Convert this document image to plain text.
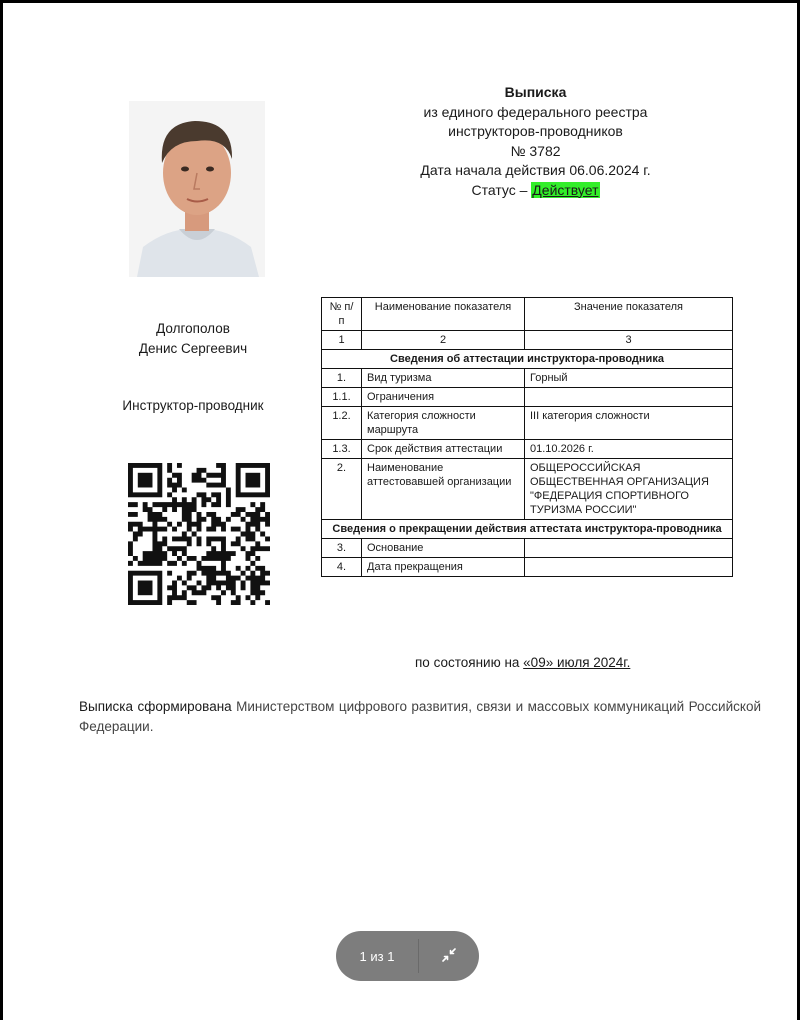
Выписка
из единого федерального реестра
инструкторов-проводников
№ 3782
Дата начала действия 06.06.2024 г.
Статус – Действует
Долгополов
Денис Сергеевич
Инструктор-проводник
№ п/п	Наименование показателя	Значение показателя
1	2	3
Сведения об аттестации инструктора-проводника		
1.	Вид туризма	Горный
1.1.	Ограничения	
1.2.	Категория сложности маршрута	III категория сложности
1.3.	Срок действия аттестации	01.10.2026 г.
2.	Наименование аттестовавшей организации	ОБЩЕРОССИЙСКАЯ ОБЩЕСТВЕННАЯ ОРГАНИЗАЦИЯ "ФЕДЕРАЦИЯ СПОРТИВНОГО ТУРИЗМА РОССИИ"
Сведения о прекращении действия аттестата инструктора-проводника		
3.	Основание	
4.	Дата прекращения	
по состоянию на «09» июля 2024г.
Выписка сформирована Министерством цифрового развития, связи и массовых коммуникаций Российской Федерации.
1 из 1
